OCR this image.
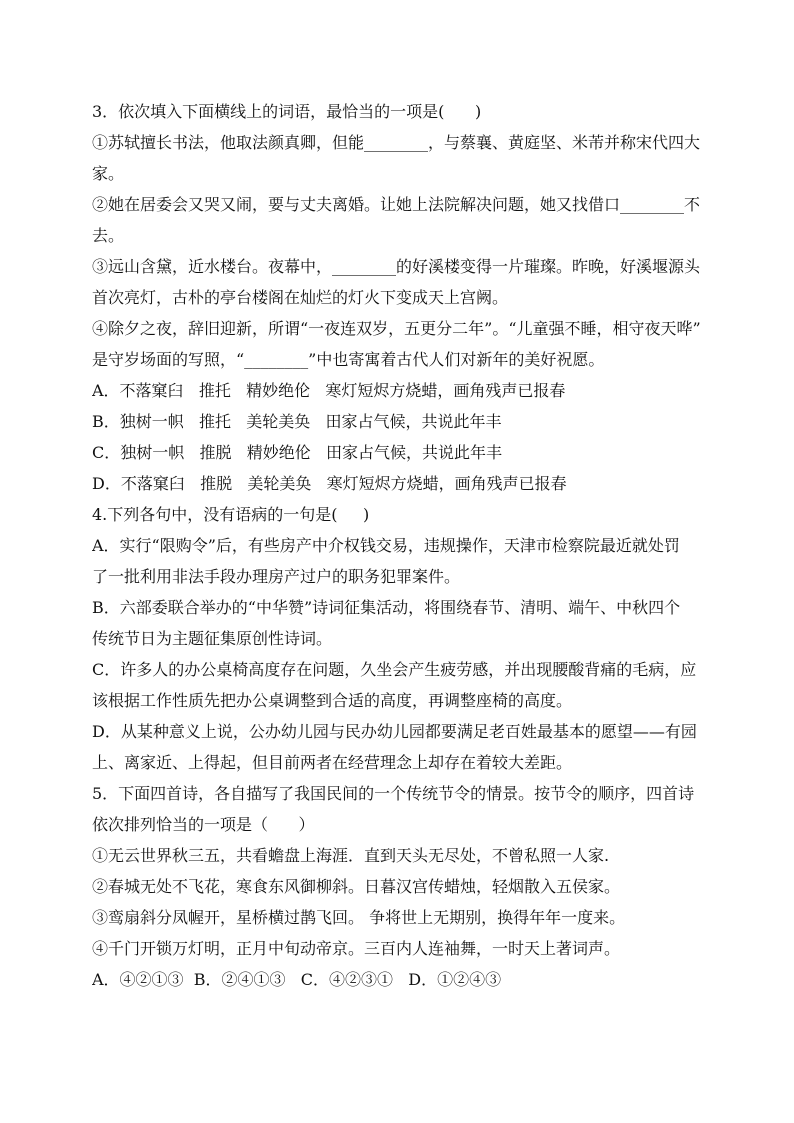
3．依次填入下面横线上的词语，最恰当的一项是(      )
①苏轼擅长书法，他取法颜真卿，但能________，与蔡襄、黄庭坚、米芾并称宋代四大
家。
②她在居委会又哭又闹，要与丈夫离婚。让她上法院解决问题，她又找借口________不
去。
③远山含黛，近水楼台。夜幕中，________的好溪楼变得一片璀璨。昨晚，好溪堰源头
首次亮灯，古朴的亭台楼阁在灿烂的灯火下变成天上宫阙。
④除夕之夜，辞旧迎新，所谓“一夜连双岁，五更分二年”。“儿童强不睡，相守夜天哗”
是守岁场面的写照，“________”中也寄寓着古代人们对新年的美好祝愿。
A．不落窠臼   推托   精妙绝伦   寒灯短烬方烧蜡，画角残声已报春
B．独树一帜   推托   美轮美奂   田家占气候，共说此年丰
C．独树一帜   推脱   精妙绝伦   田家占气候，共说此年丰
D．不落窠臼   推脱   美轮美奂   寒灯短烬方烧蜡，画角残声已报春
4.下列各句中，没有语病的一句是(     )
A．实行“限购令”后，有些房产中介权钱交易，违规操作，天津市检察院最近就处罚
了一批利用非法手段办理房产过户的职务犯罪案件。
B．六部委联合举办的“中华赞”诗词征集活动，将围绕春节、清明、端午、中秋四个
传统节日为主题征集原创性诗词。
C．许多人的办公桌椅高度存在问题，久坐会产生疲劳感，并出现腰酸背痛的毛病，应
该根据工作性质先把办公桌调整到合适的高度，再调整座椅的高度。
D．从某种意义上说，公办幼儿园与民办幼儿园都要满足老百姓最基本的愿望——有园
上、离家近、上得起，但目前两者在经营理念上却存在着较大差距。
5．下面四首诗，各自描写了我国民间的一个传统节令的情景。按节令的顺序，四首诗
依次排列恰当的一项是（      ）
①无云世界秋三五，共看蟾盘上海涯．直到天头无尽处，不曾私照一人家.
②春城无处不飞花，寒食东风御柳斜。日暮汉宫传蜡烛，轻烟散入五侯家。
③鸾扇斜分凤幄开，星桥横过鹊飞回。 争将世上无期别，换得年年一度来。
④千门开锁万灯明，正月中旬动帝京。三百内人连袖舞，一时天上著词声。
A．④②①③  B．②④①③   C．④②③①   D．①②④③
